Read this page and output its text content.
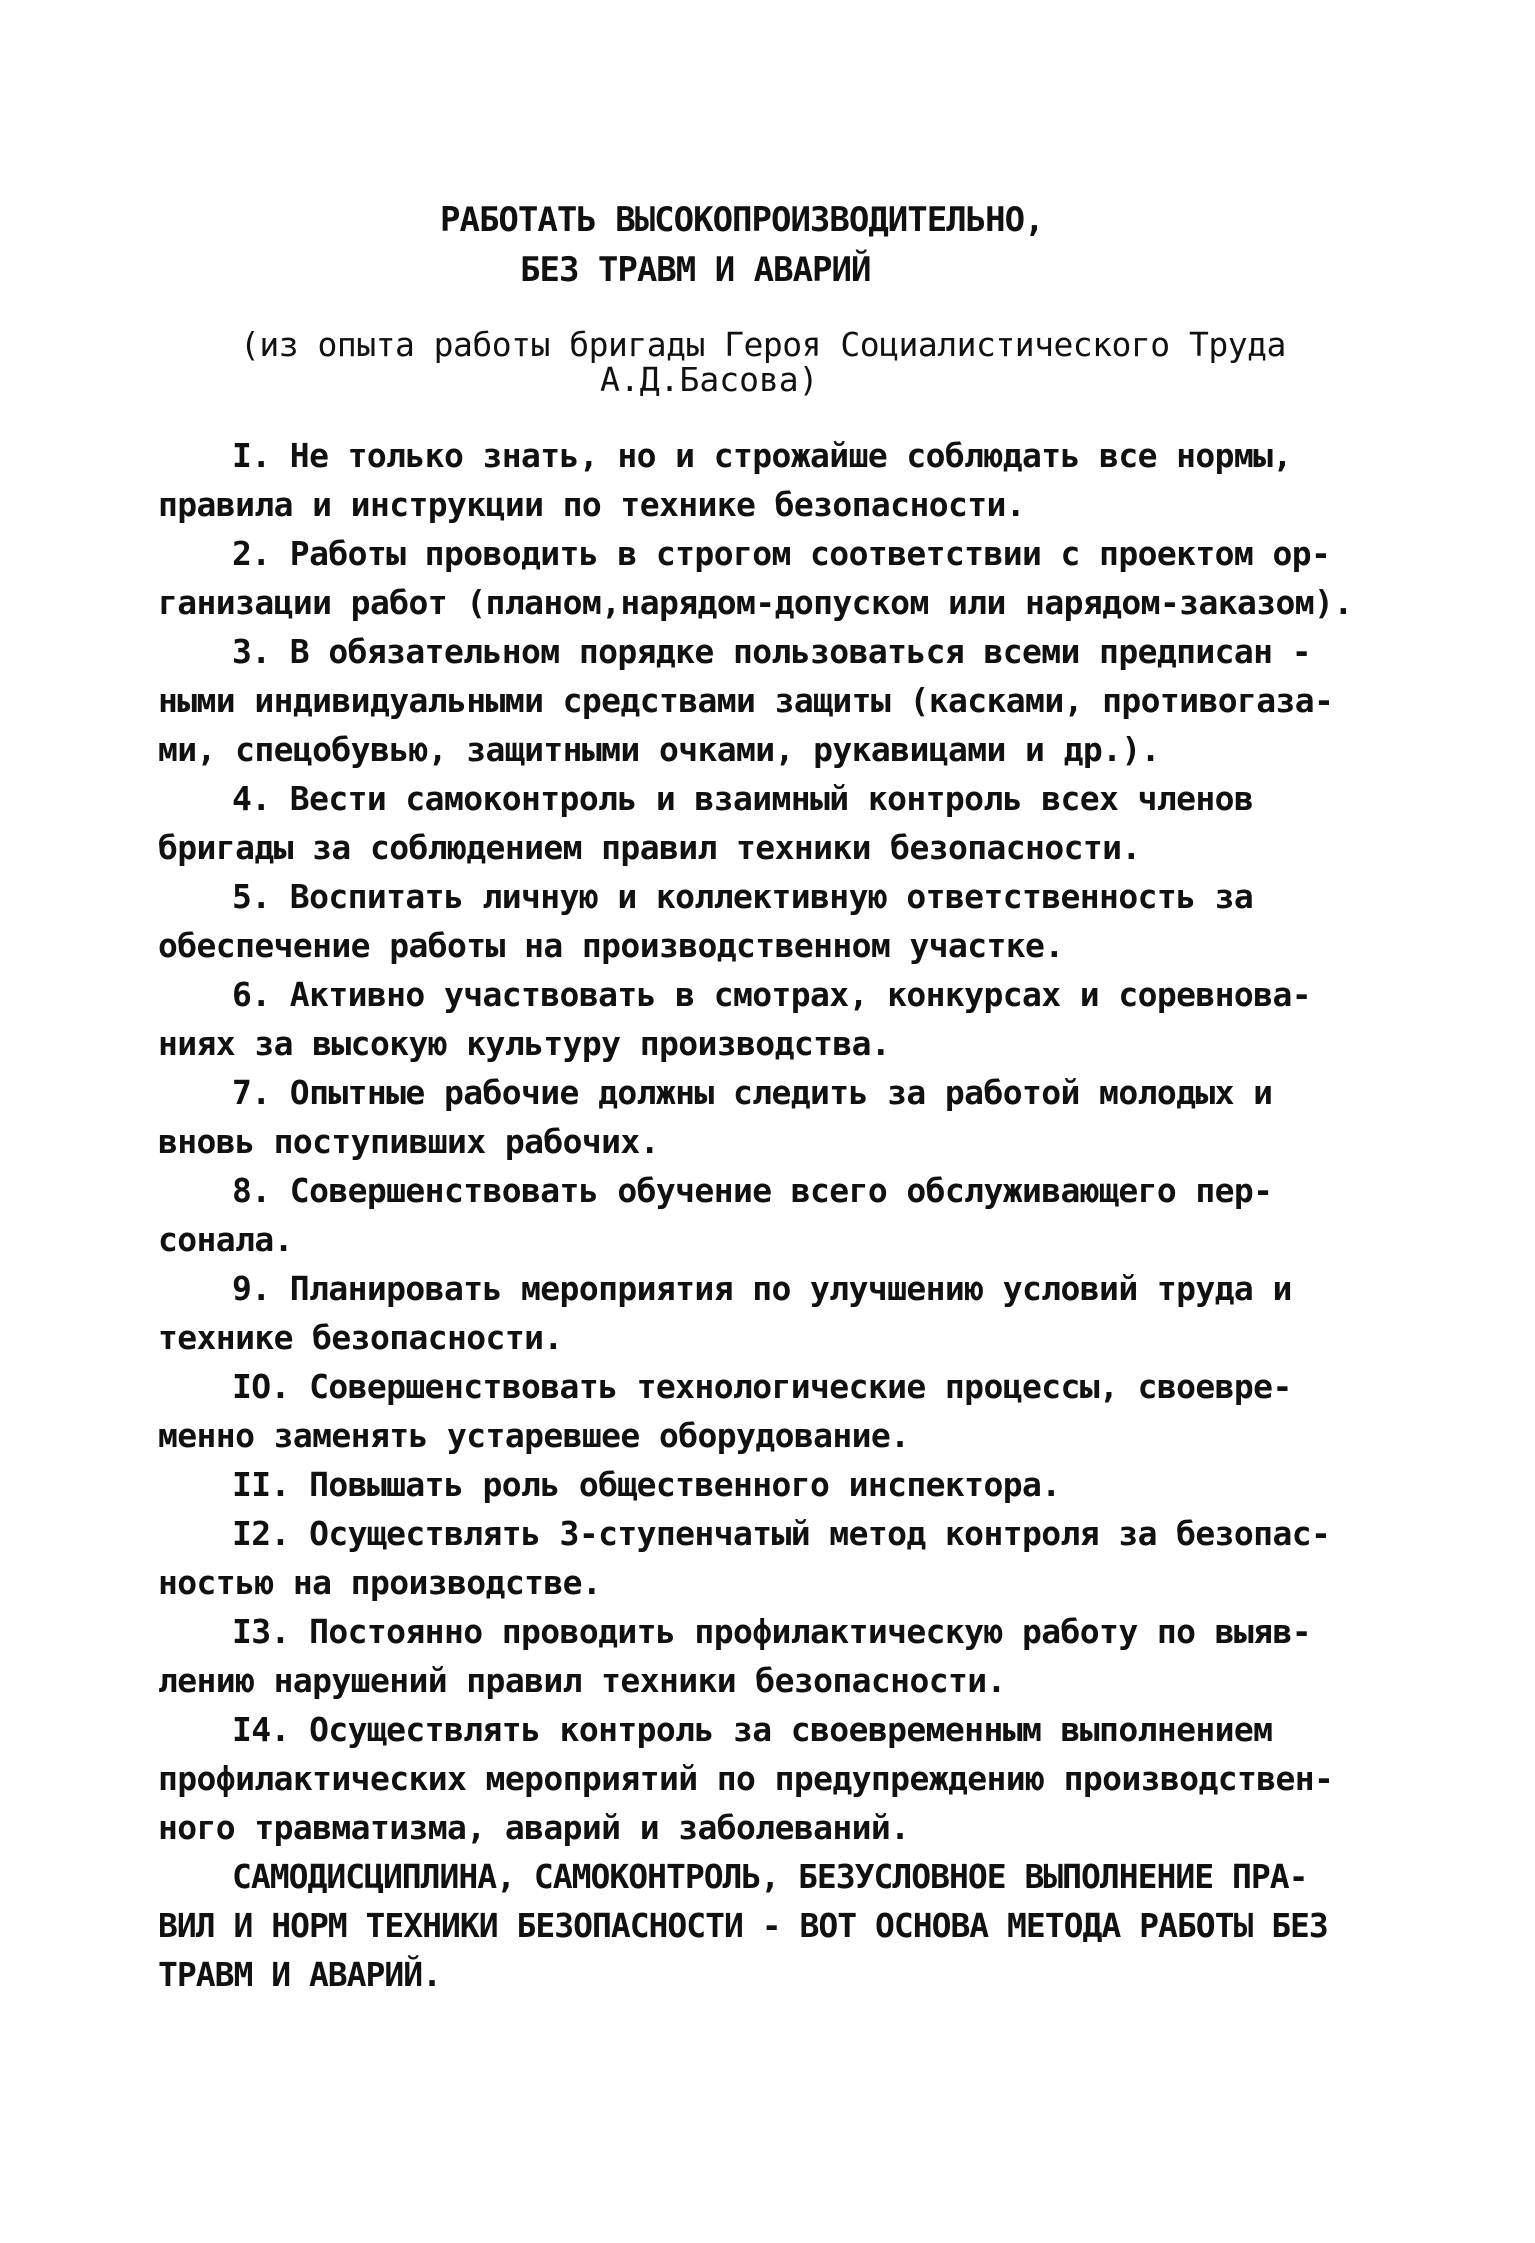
РАБОТАТЬ ВЫСОКОПРОИЗВОДИТЕЛЬНО,
БЕЗ ТРАВМ И АВАРИЙ
(из опыта работы бригады Героя Социалистического Труда
А.Д.Басова)
I. Не только знать, но и строжайше соблюдать все нормы,
правила и инструкции по технике безопасности.
2. Работы проводить в строгом соответствии с проектом ор-
ганизации работ (планом,нарядом-допуском или нарядом-заказом).
3. В обязательном порядке пользоваться всеми предписан -
ными индивидуальными средствами защиты (касками, противогаза-
ми, спецобувью, защитными очками, рукавицами и др.).
4. Вести самоконтроль и взаимный контроль всех членов
бригады за соблюдением правил техники безопасности.
5. Воспитать личную и коллективную ответственность за
обеспечение работы на производственном участке.
6. Активно участвовать в смотрах, конкурсах и соревнова-
ниях за высокую культуру производства.
7. Опытные рабочие должны следить за работой молодых и
вновь поступивших рабочих.
8. Совершенствовать обучение всего обслуживающего пер-
сонала.
9. Планировать мероприятия по улучшению условий труда и
технике безопасности.
IO. Совершенствовать технологические процессы, своевре-
менно заменять устаревшее оборудование.
II. Повышать роль общественного инспектора.
I2. Осуществлять 3-ступенчатый метод контроля за безопас-
ностью на производстве.
I3. Постоянно проводить профилактическую работу по выяв-
лению нарушений правил техники безопасности.
I4. Осуществлять контроль за своевременным выполнением
профилактических мероприятий по предупреждению производствен-
ного травматизма, аварий и заболеваний.
САМОДИСЦИПЛИНА, САМОКОНТРОЛЬ, БЕЗУСЛОВНОЕ ВЫПОЛНЕНИЕ ПРА-
ВИЛ И НОРМ ТЕХНИКИ БЕЗОПАСНОСТИ - ВОТ ОСНОВА МЕТОДА РАБОТЫ БЕЗ
ТРАВМ И АВАРИЙ.
